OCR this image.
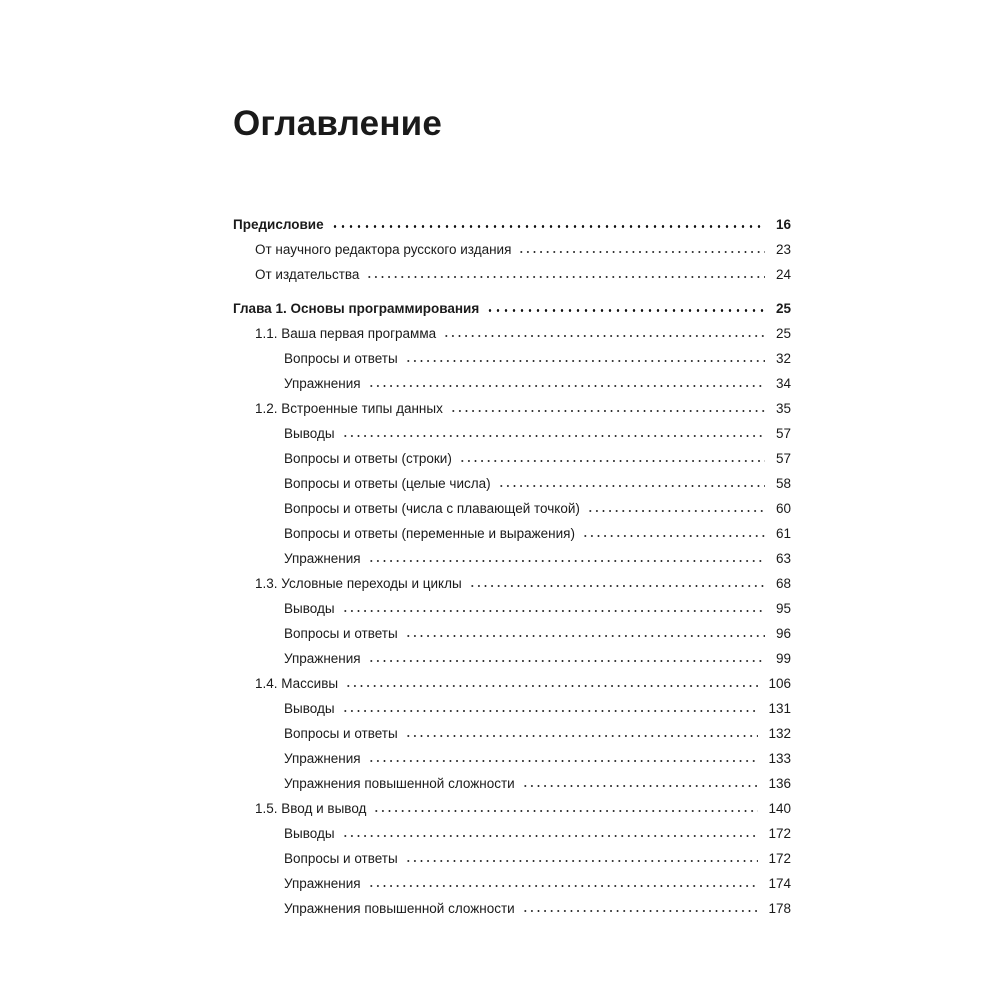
Оглавление
Предисловие	16
От научного редактора русского издания	23
От издательства	24
Глава 1. Основы программирования	25
1.1. Ваша первая программа	25
Вопросы и ответы	32
Упражнения	34
1.2. Встроенные типы данных	35
Выводы	57
Вопросы и ответы (строки)	57
Вопросы и ответы (целые числа)	58
Вопросы и ответы (числа с плавающей точкой)	60
Вопросы и ответы (переменные и выражения)	61
Упражнения	63
1.3. Условные переходы и циклы	68
Выводы	95
Вопросы и ответы	96
Упражнения	99
1.4. Массивы	106
Выводы	131
Вопросы и ответы	132
Упражнения	133
Упражнения повышенной сложности	136
1.5. Ввод и вывод	140
Выводы	172
Вопросы и ответы	172
Упражнения	174
Упражнения повышенной сложности	178
